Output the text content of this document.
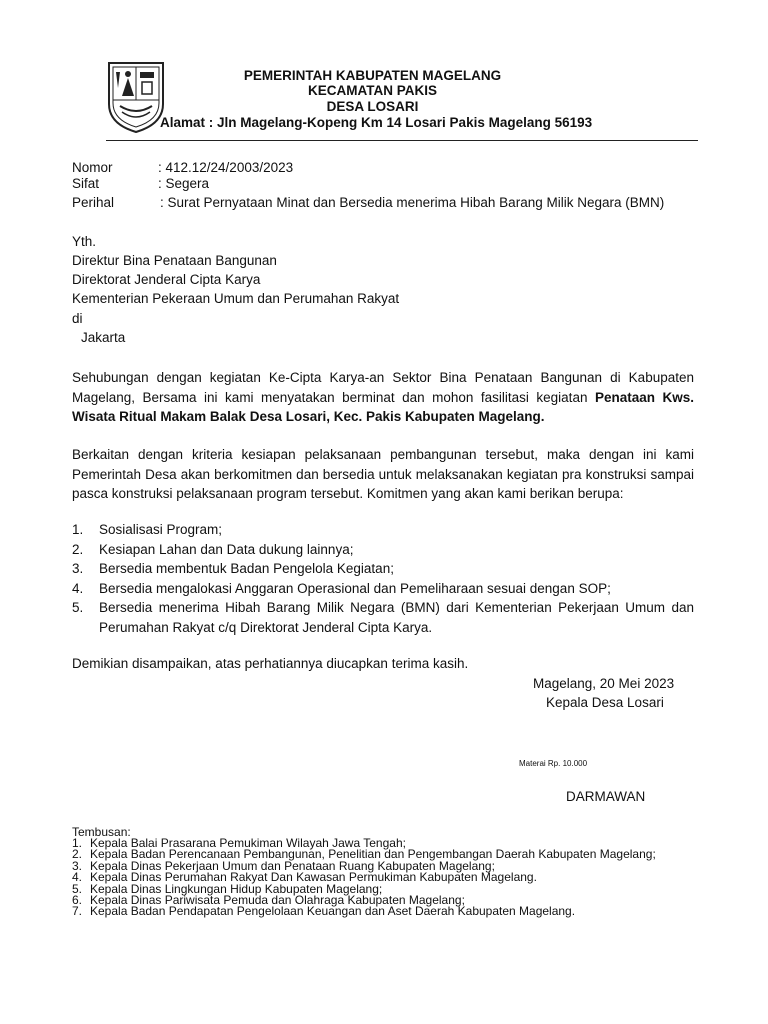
PEMERINTAH KABUPATEN MAGELANG
KECAMATAN PAKIS
DESA LOSARI
Alamat : Jln Magelang-Kopeng Km 14 Losari Pakis Magelang 56193
Nomor	: 412.12/24/2003/2023
Sifat	: Segera
Perihal	: Surat Pernyataan Minat dan Bersedia menerima Hibah Barang Milik Negara (BMN)
Yth.
Direktur Bina Penataan Bangunan
Direktorat Jenderal Cipta Karya
Kementerian Pekeraan Umum dan Perumahan Rakyat
di
Jakarta
Sehubungan dengan kegiatan Ke-Cipta Karya-an Sektor Bina Penataan Bangunan di Kabupaten Magelang, Bersama ini kami menyatakan berminat dan mohon fasilitasi kegiatan Penataan Kws. Wisata Ritual Makam Balak Desa Losari, Kec. Pakis Kabupaten Magelang.
Berkaitan dengan kriteria kesiapan pelaksanaan pembangunan tersebut, maka dengan ini kami Pemerintah Desa akan berkomitmen dan bersedia untuk melaksanakan kegiatan pra konstruksi sampai pasca konstruksi pelaksanaan program tersebut. Komitmen yang akan kami berikan berupa:
1.	Sosialisasi Program;
2.	Kesiapan Lahan dan Data dukung lainnya;
3.	Bersedia membentuk Badan Pengelola Kegiatan;
4.	Bersedia mengalokasi Anggaran Operasional dan Pemeliharaan sesuai dengan SOP;
5.	Bersedia menerima Hibah Barang Milik Negara (BMN) dari Kementerian Pekerjaan Umum dan Perumahan Rakyat c/q Direktorat Jenderal Cipta Karya.
Demikian disampaikan, atas perhatiannya diucapkan terima kasih.
Magelang, 20 Mei 2023
Kepala Desa Losari
Materai Rp. 10.000
DARMAWAN
Tembusan:
1. Kepala Balai Prasarana Pemukiman Wilayah Jawa Tengah;
2. Kepala Badan Perencanaan Pembangunan, Penelitian dan Pengembangan Daerah Kabupaten Magelang;
3. Kepala Dinas Pekerjaan Umum dan Penataan Ruang Kabupaten Magelang;
4. Kepala Dinas Perumahan Rakyat Dan Kawasan Permukiman Kabupaten Magelang.
5. Kepala Dinas Lingkungan Hidup Kabupaten Magelang;
6. Kepala Dinas Pariwisata Pemuda dan Olahraga Kabupaten Magelang;
7. Kepala Badan Pendapatan Pengelolaan Keuangan dan Aset Daerah Kabupaten Magelang.
